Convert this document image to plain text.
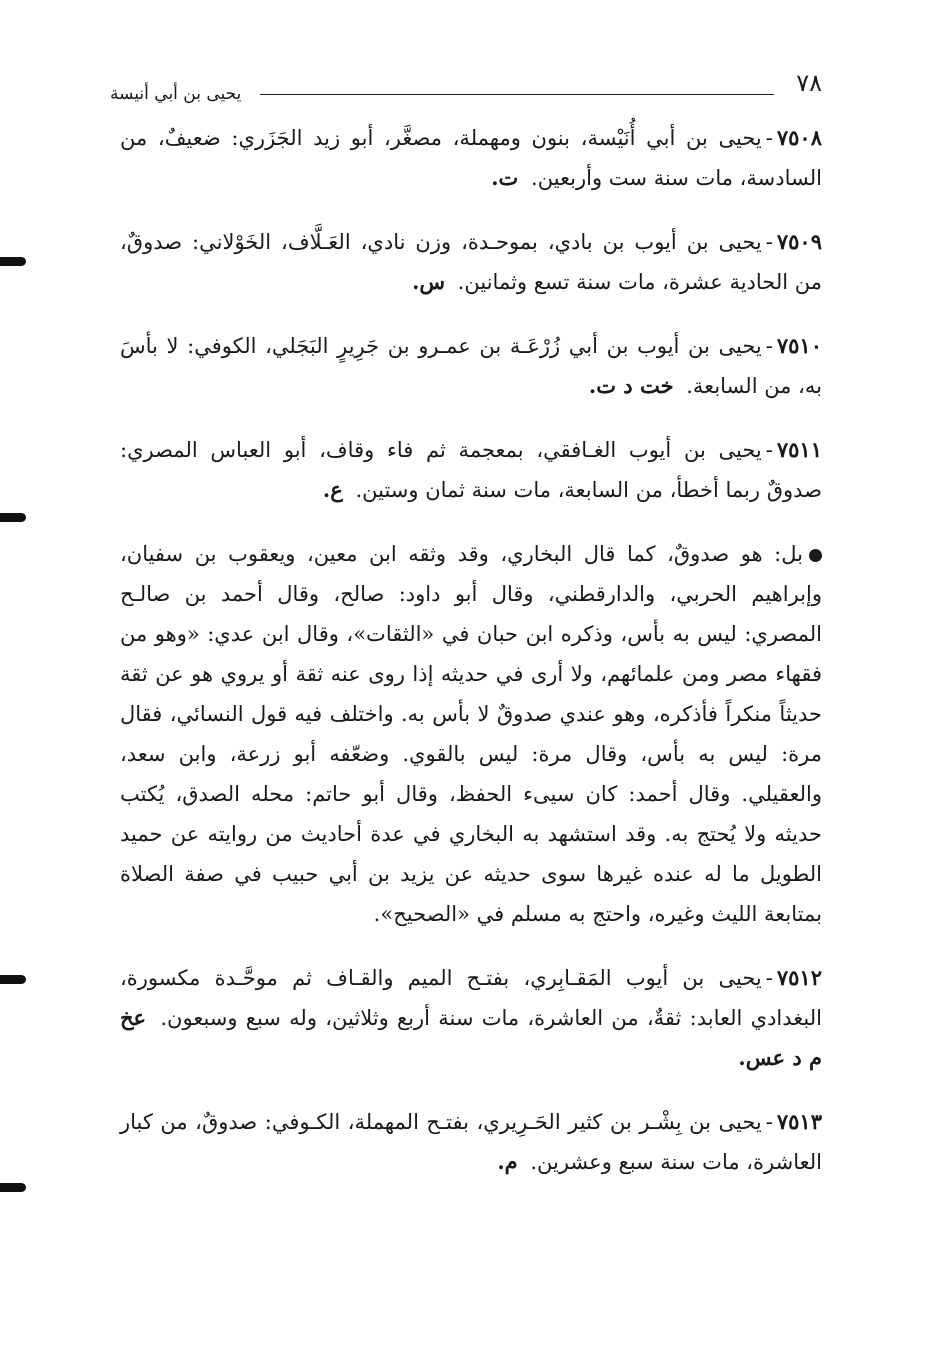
٧٨
يحيى بن أبي أنيسة

٧٥٠٨-يحيى بن أبي أُنَيْسة، بنون ومهملة، مصغَّر، أبو زيد الجَزَري: ضعيفٌ، من السادسة، مات سنة ست وأربعين. ت.

٧٥٠٩-يحيى بن أيوب بن بادي، بموحـدة، وزن نادي، العَـلَّاف، الخَوْلاني: صدوقٌ، من الحادية عشرة، مات سنة تسع وثمانين. س.

٧٥١٠-يحيى بن أيوب بن أبي زُرْعَـة بن عمـرو بن جَرِيرٍ البَجَلي، الكوفي: لا بأسَ به، من السابعة. خت د ت.

٧٥١١-يحيى بن أيوب الغـافقي، بمعجمة ثم فاء وقاف، أبو العباس المصري: صدوقٌ ربما أخطأ، من السابعة، مات سنة ثمان وستين. ع.

بل: هو صدوقٌ، كما قال البخاري، وقد وثقه ابن معين، ويعقوب بن سفيان، وإبراهيم الحربي، والدارقطني، وقال أبو داود: صالح، وقال أحمد بن صالـح المصري: ليس به بأس، وذكره ابن حبان في «الثقات»، وقال ابن عدي: «وهو من فقهاء مصر ومن علمائهم، ولا أرى في حديثه إذا روى عنه ثقة أو يروي هو عن ثقة حديثاً منكراً فأذكره، وهو عندي صدوقٌ لا بأس به. واختلف فيه قول النسائي، فقال مرة: ليس به بأس، وقال مرة: ليس بالقوي. وضعّفه أبو زرعة، وابن سعد، والعقيلي. وقال أحمد: كان سيىء الحفظ، وقال أبو حاتم: محله الصدق، يُكتب حديثه ولا يُحتج به. وقد استشهد به البخاري في عدة أحاديث من روايته عن حميد الطويل ما له عنده غيرها سوى حديثه عن يزيد بن أبي حبيب في صفة الصلاة بمتابعة الليث وغيره، واحتج به مسلم في «الصحيح».

٧٥١٢-يحيى بن أيوب المَقـابِري، بفتـح الميم والقـاف ثم موحَّـدة مكسورة، البغدادي العابد: ثقةٌ، من العاشرة، مات سنة أربع وثلاثين، وله سبع وسبعون. عخ م د عس.

٧٥١٣-يحيى بن بِشْـر بن كثير الحَـرِيري، بفتـح المهملة، الكـوفي: صدوقٌ، من كبار العاشرة، مات سنة سبع وعشرين. م.
